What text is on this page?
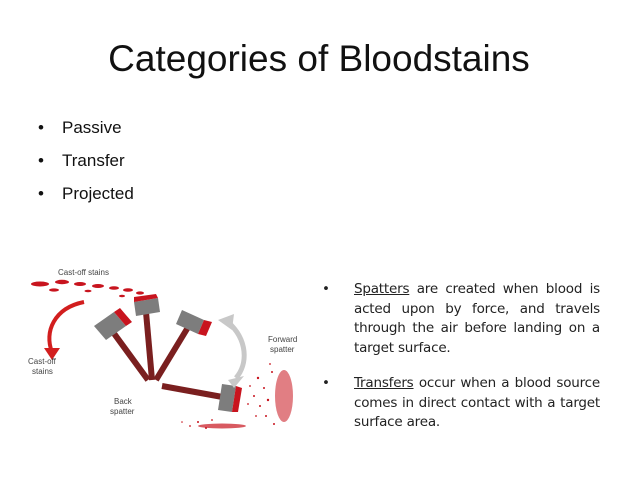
Categories of Bloodstains
• Passive
• Transfer
• Projected
Cast-off stains
Cast-off
stains
Forward
spatter
Back
spatter
• Spatters are created when blood is acted upon by force, and travels through the air before landing on a target surface.
• Transfers occur when a blood source comes in direct contact with a target surface area.
